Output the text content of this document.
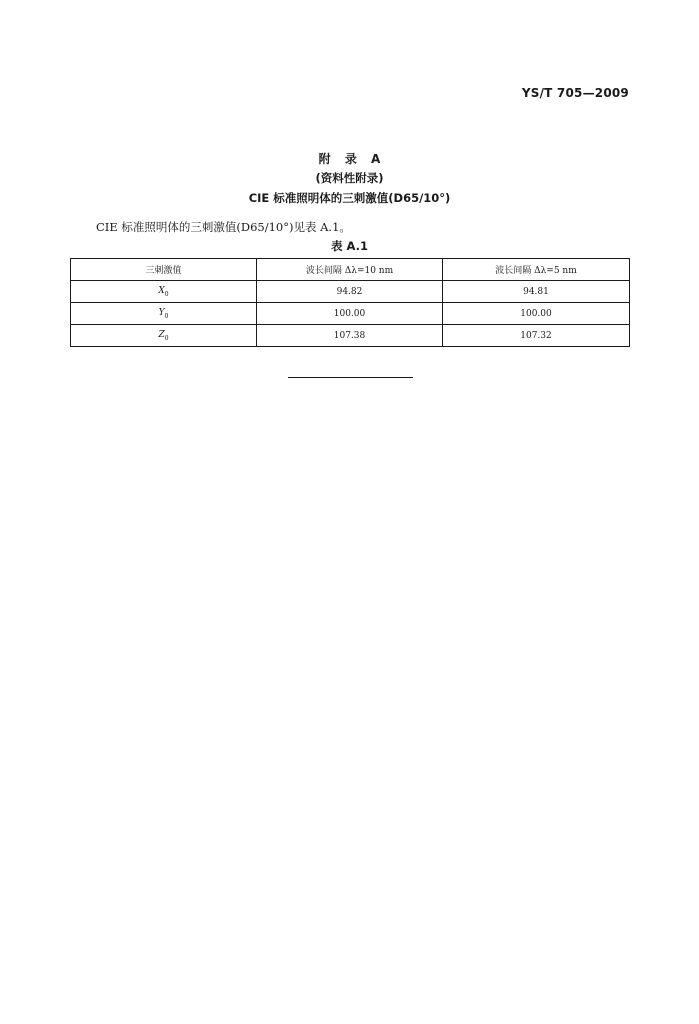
YS/T 705—2009
附 录 A
(资料性附录)
CIE 标准照明体的三刺激值(D65/10°)
CIE 标准照明体的三刺激值(D65/10°)见表 A.1。
表 A.1
三刺激值	波长间隔 Δλ=10 nm	波长间隔 Δλ=5 nm
$X_0$	94.82	94.81
$Y_0$	100.00	100.00
$Z_0$	107.38	107.32
